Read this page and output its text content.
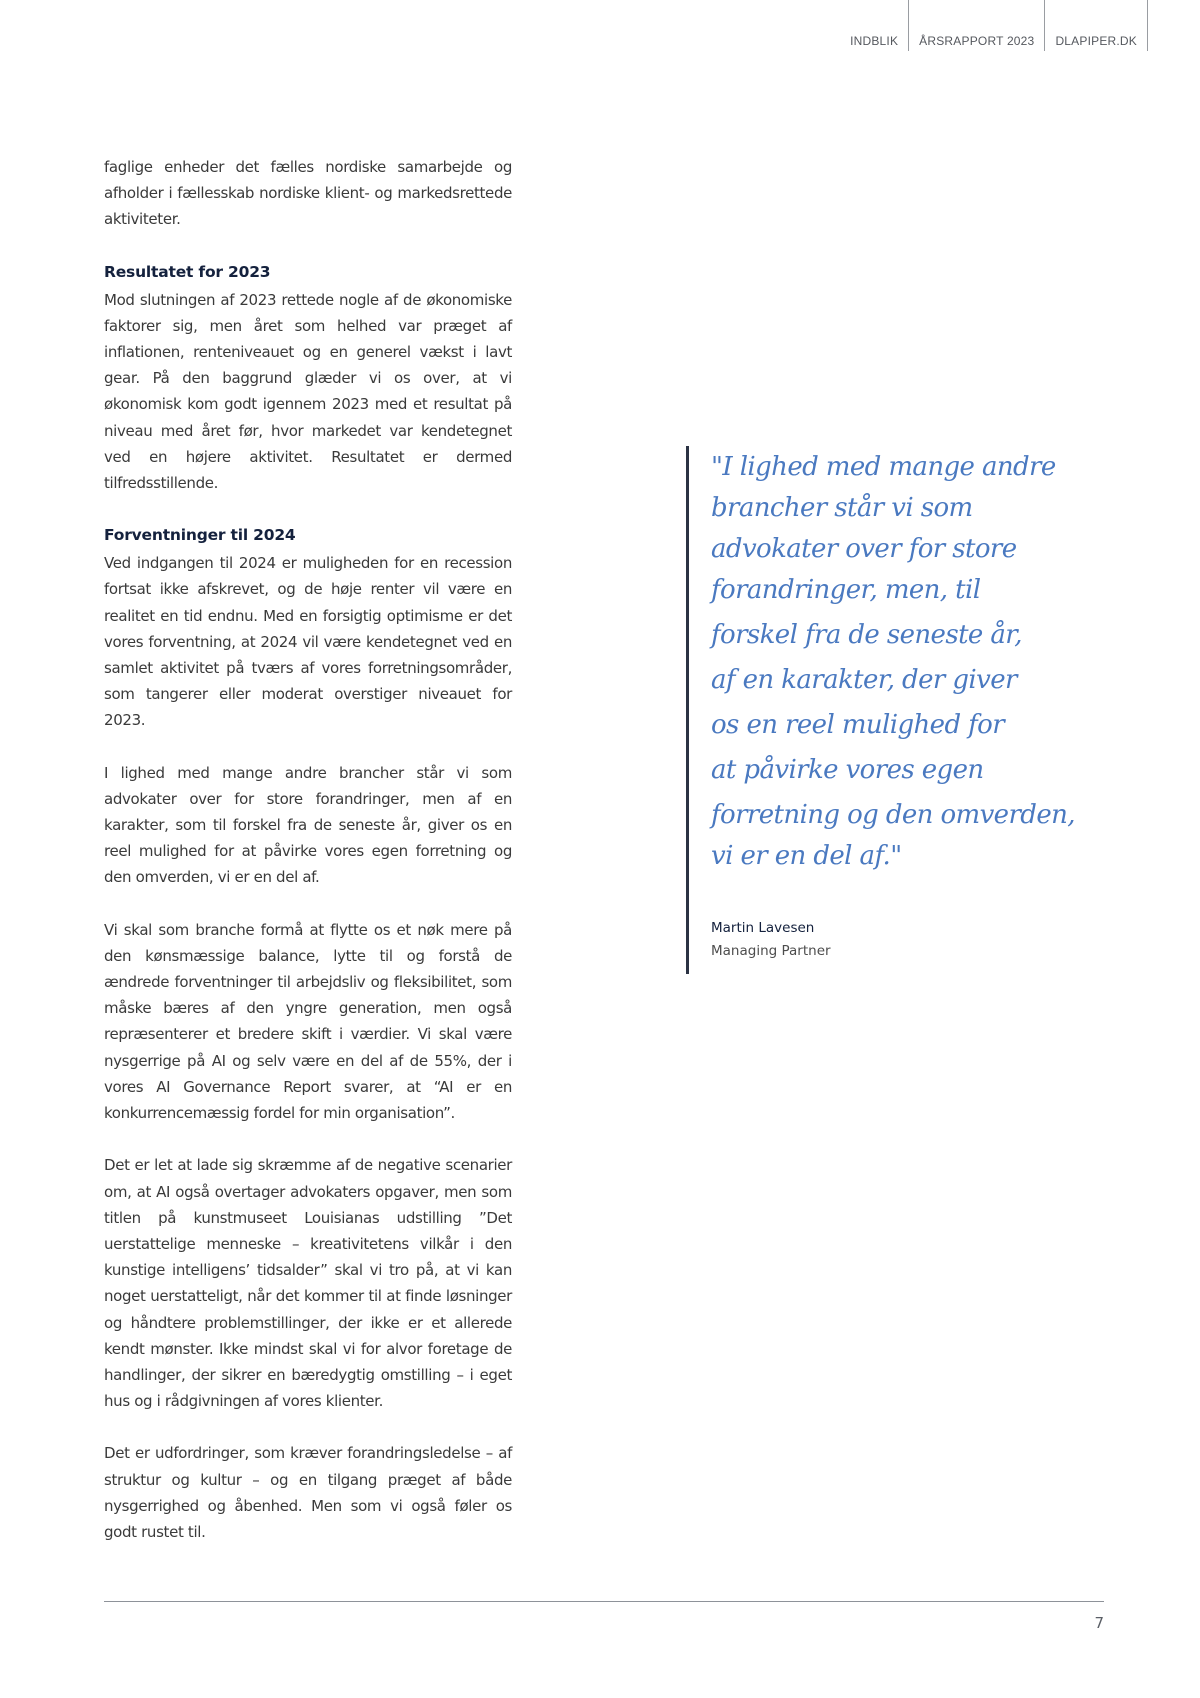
INDBLIK	ÅRSRAPPORT 2023	DLAPIPER.DK

faglige enheder det fælles nordiske samarbejde og afholder i fællesskab nordiske klient- og markedsrettede aktiviteter.

Resultatet for 2023

Mod slutningen af 2023 rettede nogle af de økonomiske faktorer sig, men året som helhed var præget af inflationen, renteniveauet og en generel vækst i lavt gear. På den baggrund glæder vi os over, at vi økonomisk kom godt igennem 2023 med et resultat på niveau med året før, hvor markedet var kendetegnet ved en højere aktivitet. Resultatet er dermed tilfredsstillende.

Forventninger til 2024

Ved indgangen til 2024 er muligheden for en recession fortsat ikke afskrevet, og de høje renter vil være en realitet en tid endnu. Med en forsigtig optimisme er det vores forventning, at 2024 vil være kendetegnet ved en samlet aktivitet på tværs af vores forretningsområder, som tangerer eller moderat overstiger niveauet for 2023.

I lighed med mange andre brancher står vi som advokater over for store forandringer, men af en karakter, som til forskel fra de seneste år, giver os en reel mulighed for at påvirke vores egen forretning og den omverden, vi er en del af.

Vi skal som branche formå at flytte os et nøk mere på den kønsmæssige balance, lytte til og forstå de ændrede forventninger til arbejdsliv og fleksibilitet, som måske bæres af den yngre generation, men også repræsenterer et bredere skift i værdier. Vi skal være nysgerrige på AI og selv være en del af de 55%, der i vores AI Governance Report svarer, at “AI er en konkurrencemæssig fordel for min organisation”.

Det er let at lade sig skræmme af de negative scenarier om, at AI også overtager advokaters opgaver, men som titlen på kunstmuseet Louisianas udstilling ”Det uerstattelige menneske – kreativitetens vilkår i den kunstige intelligens’ tidsalder” skal vi tro på, at vi kan noget uerstatteligt, når det kommer til at finde løsninger og håndtere problemstillinger, der ikke er et allerede kendt mønster. Ikke mindst skal vi for alvor foretage de handlinger, der sikrer en bæredygtig omstilling – i eget hus og i rådgivningen af vores klienter.

Det er udfordringer, som kræver forandringsledelse – af struktur og kultur – og en tilgang præget af både nysgerrighed og åbenhed. Men som vi også føler os godt rustet til.

"I lighed med mange andre
brancher står vi som
advokater over for store
forandringer, men, til
forskel fra de seneste år,
af en karakter, der giver
os en reel mulighed for
at påvirke vores egen
forretning og den omverden,
vi er en del af."
Martin Lavesen
Managing Partner
7
